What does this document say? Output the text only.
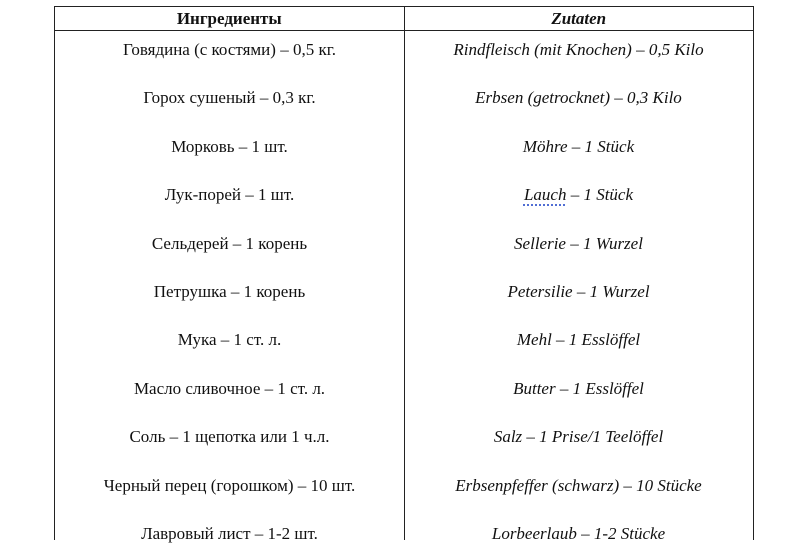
Ингредиенты	Zutaten
Говядина (с костями) – 0,5 кг.	Rindfleisch (mit Knochen) – 0,5 Kilo
Горох сушеный – 0,3 кг.	Erbsen (getrocknet) – 0,3 Kilo
Морковь – 1 шт.	Möhre – 1 Stück
Лук-порей – 1 шт.	Lauch – 1 Stück
Сельдерей – 1 корень	Sellerie – 1 Wurzel
Петрушка – 1 корень	Petersilie – 1 Wurzel
Мука – 1 ст. л.	Mehl – 1 Esslöffel
Масло сливочное – 1 ст. л.	Butter – 1 Esslöffel
Соль – 1 щепотка или 1 ч.л.	Salz – 1 Prise/1 Teelöffel
Черный перец (горошком) – 10 шт.	Erbsenpfeffer (schwarz) – 10 Stücke
Лавровый лист – 1-2 шт.	Lorbeerlaub – 1-2 Stücke
